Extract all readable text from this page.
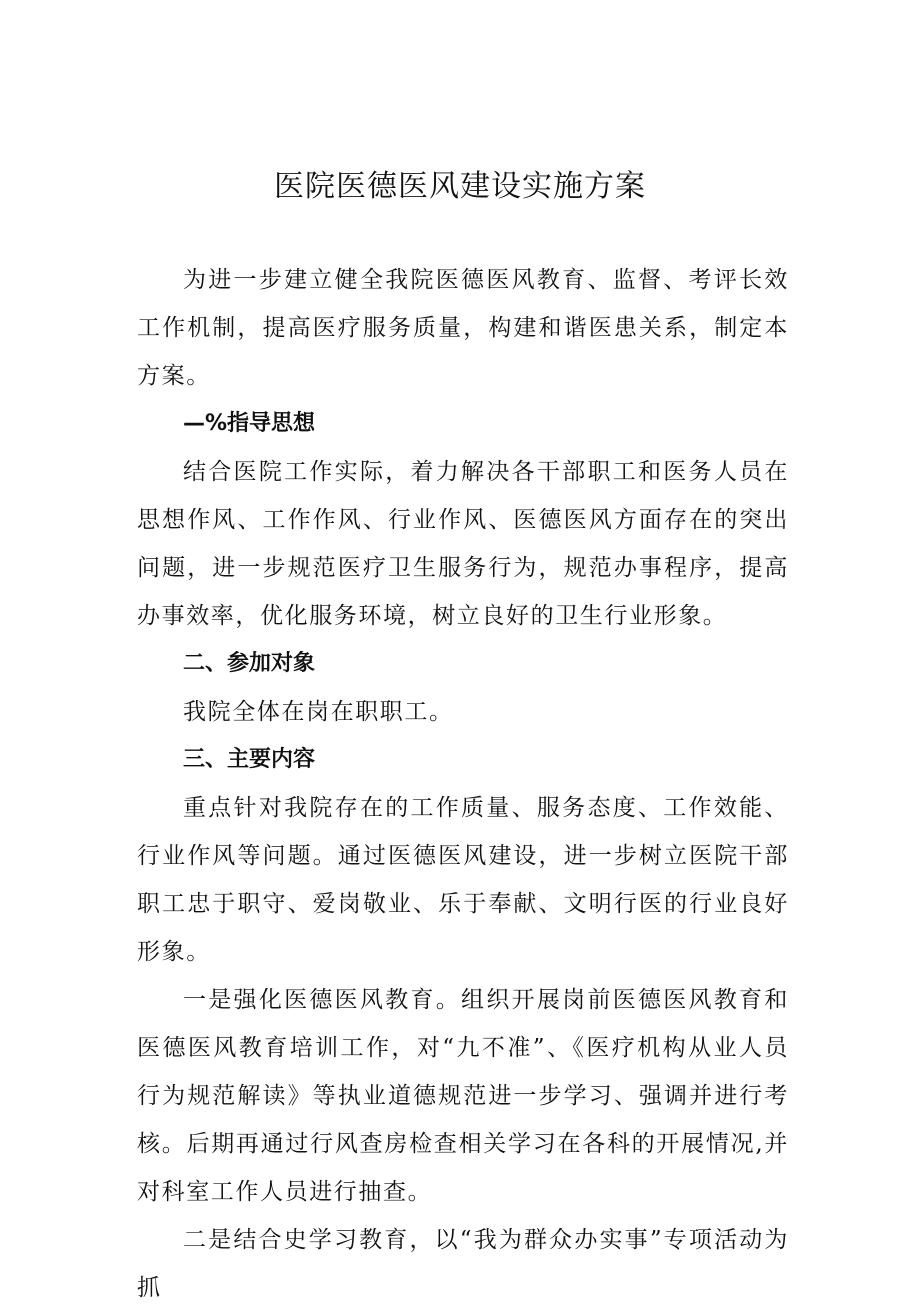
医院医德医风建设实施方案

为进一步建立健全我院医德医风教育、监督、考评长效工作机制，提高医疗服务质量，构建和谐医患关系，制定本方案。

—%指导思想

结合医院工作实际，着力解决各干部职工和医务人员在思想作风、工作作风、行业作风、医德医风方面存在的突出问题，进一步规范医疗卫生服务行为，规范办事程序，提高办事效率，优化服务环境，树立良好的卫生行业形象。

二、参加对象

我院全体在岗在职职工。

三、主要内容

重点针对我院存在的工作质量、服务态度、工作效能、行业作风等问题。通过医德医风建设，进一步树立医院干部职工忠于职守、爱岗敬业、乐于奉献、文明行医的行业良好形象。

一是强化医德医风教育。组织开展岗前医德医风教育和医德医风教育培训工作，对“九不准”、《医疗机构从业人员行为规范解读》等执业道德规范进一步学习、强调并进行考核。后期再通过行风查房检查相关学习在各科的开展情况,并对科室工作人员进行抽查。

二是结合史学习教育，以“我为群众办实事”专项活动为抓
